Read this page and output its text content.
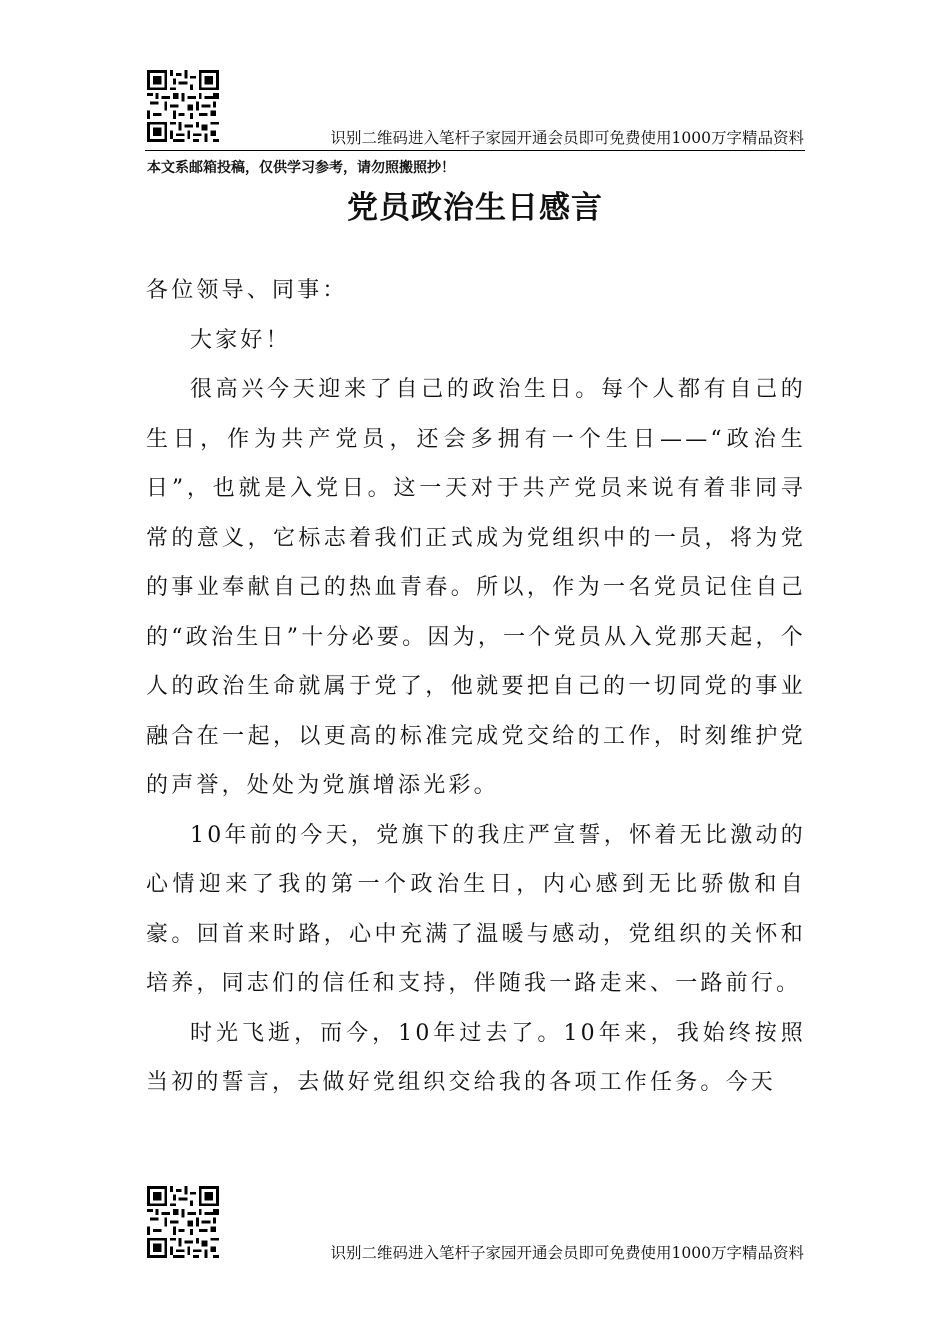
识别二维码进入笔杆子家园开通会员即可免费使用1000万字精品资料
本文系邮箱投稿，仅供学习参考，请勿照搬照抄！
党员政治生日感言

各位领导、同事：

大家好！

很高兴今天迎来了自己的政治生日。每个人都有自己的生日，作为共产党员，还会多拥有一个生日——“政治生日”，也就是入党日。这一天对于共产党员来说有着非同寻常的意义，它标志着我们正式成为党组织中的一员，将为党的事业奉献自己的热血青春。所以，作为一名党员记住自己的“政治生日”十分必要。因为，一个党员从入党那天起，个人的政治生命就属于党了，他就要把自己的一切同党的事业融合在一起，以更高的标准完成党交给的工作，时刻维护党的声誉，处处为党旗增添光彩。

10年前的今天，党旗下的我庄严宣誓，怀着无比激动的心情迎来了我的第一个政治生日，内心感到无比骄傲和自豪。回首来时路，心中充满了温暖与感动，党组织的关怀和培养，同志们的信任和支持，伴随我一路走来、一路前行。

时光飞逝，而今，10年过去了。10年来，我始终按照当初的誓言，去做好党组织交给我的各项工作任务。今天

识别二维码进入笔杆子家园开通会员即可免费使用1000万字精品资料
